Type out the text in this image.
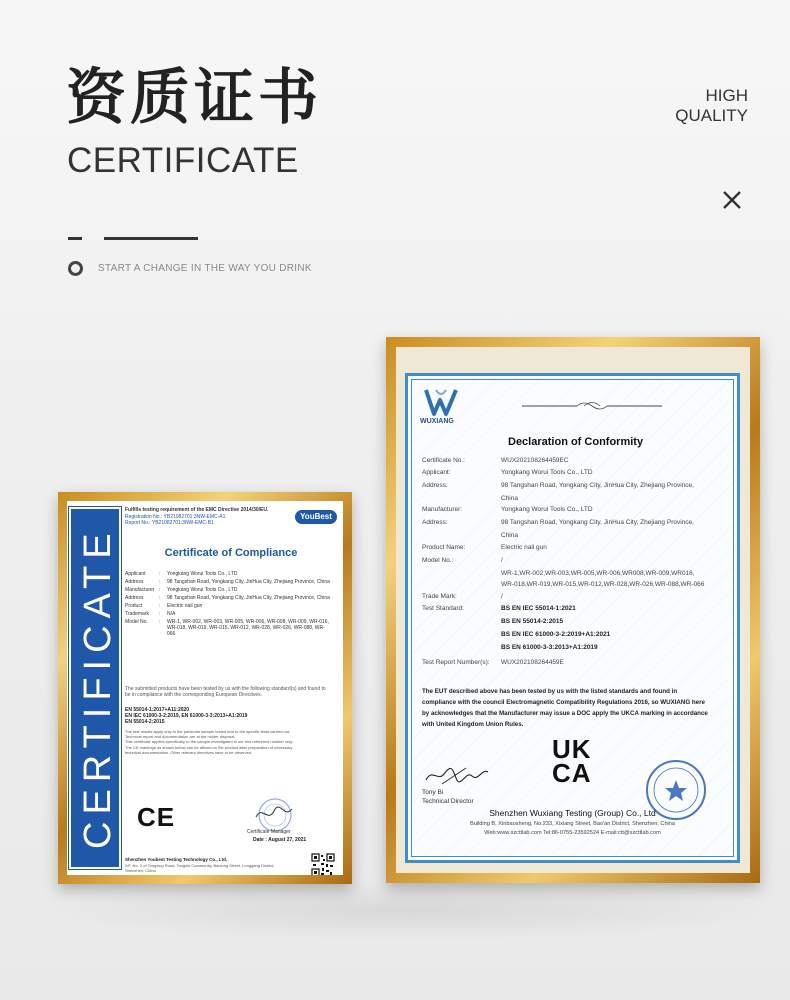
资质证书
CERTIFICATE
HIGH
QUALITY
START A CHANGE IN THE WAY YOU DRINK
CERTIFICATE
Fulfills testing requirement of the EMC Directive 2014/30/EU.
Registration No.: YB21082701:3NW-EMC-A1
Report No.: YB21082701:3NW-EMC-B1
YouBest
Certificate of Compliance
Applicant	:	Yongkang Worui Tools Co., LTD
Address	:	98 Tangshan Road, Yongkang City, JinHua City, Zhejiang Province, China
Manufacturer :	Yongkang Worui Tools Co., LTD
Address	:	98 Tangshan Road, Yongkang City, JinHua City, Zhejiang Province, China
Product	:	Electric nail gun
Trademark	:	N/A
Model No.	:	WR-1, WR-002, WR-003, WR-005, WR-006, WR-008, WR-009, WR-016, WR-018, WR-019, WR-015, WR-012, WR-028, WR-026, WR-088, WR-066
The submitted products have been tested by us with the following standard(s) and found to be in compliance with the corresponding European Directives.
EN 55014-1:2017+A11:2020
EN IEC 61000-3-2:2019, EN 61000-3-3:2013+A1:2019
EN 55014-2:2015
The test results apply only to the particular sample tested and to the specific tests carried out.
Technical report and documentation are at the holder disposal.
This certificate applies specifically to the sample investigated in our test reference number only.
The CE markings as shown below can be affixed on the product after preparation of necessary
technical documentation. Other relevant directives have to be observed.
CE	Certificate Manager
Date : August 27, 2021
Shenzhen Youbest Testing Technology Co., Ltd.
2/F, No. 2 of Tongxing Road, Tongxin Community, Baolong Street, Longgang District,
Shenzhen, China
WUXIANG
Declaration of Conformity
Certificate No.:	WUX202108264459EC
Applicant:	Yongkang Worui Tools Co., LTD
Address:	98 Tangshan Road, Yongkang City, JinHua City, Zhejiang Province,
China
Manufacturer:	Yongkang Worui Tools Co., LTD
Address:	98 Tangshan Road, Yongkang City, JinHua City, Zhejiang Province,
China
Product Name:	Electric nail gun
Model No.:	/
WR-1,WR-002,WR-003,WR-005,WR-006,WR008,WR-009,WR016,
WR-018,WR-019,WR-015,WR-012,WR-028,WR-026,WR-088,WR-066
Trade Mark:	/
Test Standard:	BS EN IEC 55014-1:2021
BS EN 55014-2:2015
BS EN IEC 61000-3-2:2019+A1:2021
BS EN 61000-3-3:2013+A1:2019
Test Report Number(s):	WUX202108264459E
The EUT described above has been tested by us with the listed standards and found in
compliance with the council Electromagnetic Compatibility Regulations 2016, so WUXIANG here
by acknowledges that the Manufacturer may issue a DOC apply the UKCA marking in accordance
with United Kingdom Union Rules.
UK
CA
Tony Bi
Technical Director
Shenzhen Wuxiang Testing (Group) Co., Ltd
Building B, Xinbaosheng, No.233, Xixiang Street, Bao'an District, Shenzhen, China
Web:www.szcttlab.com Tel:86-0755-23592524 E-mail:ctt@szcttlab.com
